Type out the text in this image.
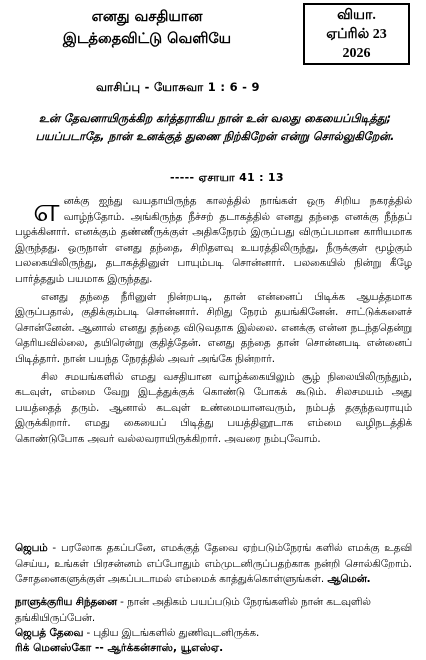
எனது வசதியான
இடத்தைவிட்டு வெளியே
வியா.
ஏப்ரில் 23
2026
வாசிப்பு - யோசுவா 1 : 6 - 9
உன் தேவனாயிருக்கிற கர்த்தராகிய நான் உன் வலது கையைப்பிடித்து; பயப்படாதே, நான் உனக்குத் துணை நிற்கிறேன் என்று சொல்லுகிறேன்.
----- ஏசாயா 41 : 13

எனக்கு ஐந்து வயதாயிருந்த காலத்தில் நாங்கள் ஒரு சிறிய நகரத்தில் வாழ்ந்தோம். அங்கிருந்த நீச்சற் தடாகத்தில் எனது தந்தை எனக்கு நீந்தப் பழக்கினார். எனக்கும் தண்ணீருக்குள் அதிகநேரம் இருப்பது விருப்பமான காரியமாக இருந்தது. ஒருநாள் எனது தந்தை, சிறிதளவு உயரத்திலிருந்து, நீருக்குள் மூழ்கும் பலகையிலிருந்து, தடாகத்தினுள் பாயும்படி சொன்னார். பலகையில் நின்று கீழே பார்த்ததும் பயமாக இருந்தது.

எனது தந்தை நீரினுள் நின்றபடி, தான் என்னைப் பிடிக்க ஆயத்தமாக இருப்பதால், குதிக்கும்படி சொன்னார். சிறிது நேரம் தயங்கினேன். சாட்டுக்களைச் சொன்னேன். ஆனால் எனது தந்தை விடுவதாக இல்லை. எனக்கு என்ன நடந்ததென்று தெரியவில்லை, தயிரென்று குதித்தேன். எனது தந்தை தான் சொன்னபடி என்னைப் பிடித்தார். நான் பயந்த நேரத்தில் அவர் அங்கே நின்றார்.

சில சமயங்களில் எமது வசதியான வாழ்க்கையிலும் சூழ் நிலையிலிருந்தும், கடவுள், எம்மை வேறு இடத்துக்குக் கொண்டு போகக் கூடும். சிலசமயம் அது பயத்தைத் தரும். ஆனால் கடவுள் உண்மையானவரும், நம்பத் தகுந்தவராயும் இருக்கிறார். எமது கையைப் பிடித்து பயத்தினூடாக எம்மை வழிநடத்திக் கொண்டுபோக அவர் வல்லவராயிருக்கிறார். அவரை நம்புவோம்.

ஜெபம் - பரலோக தகப்பனே, எமக்குத் தேவை ஏற்படும்நேரங் களில் எமக்கு உதவி செய்ய, உங்கள் பிரசன்னம் எப்போதும் எம்முடனிருப்பதற்காக நன்றி சொல்கிறோம். சோதனைகளுக்குள் அகப்படாமல் எம்மைக் காத்துக்கொள்ளுங்கள். ஆமென்.
நாளுக்குரிய சிந்தனை - நான் அதிகம் பயப்படும் நேரங்களில் நான் கடவுளில் தங்கியிருப்பேன்.
ஜெபத் தேவை - புதிய இடங்களில் துணிவுடனிருக்க.
ரிக் மெனஸ்கோ -- ஆர்க்கன்சாஸ், யூஎஸ்ஏ.
